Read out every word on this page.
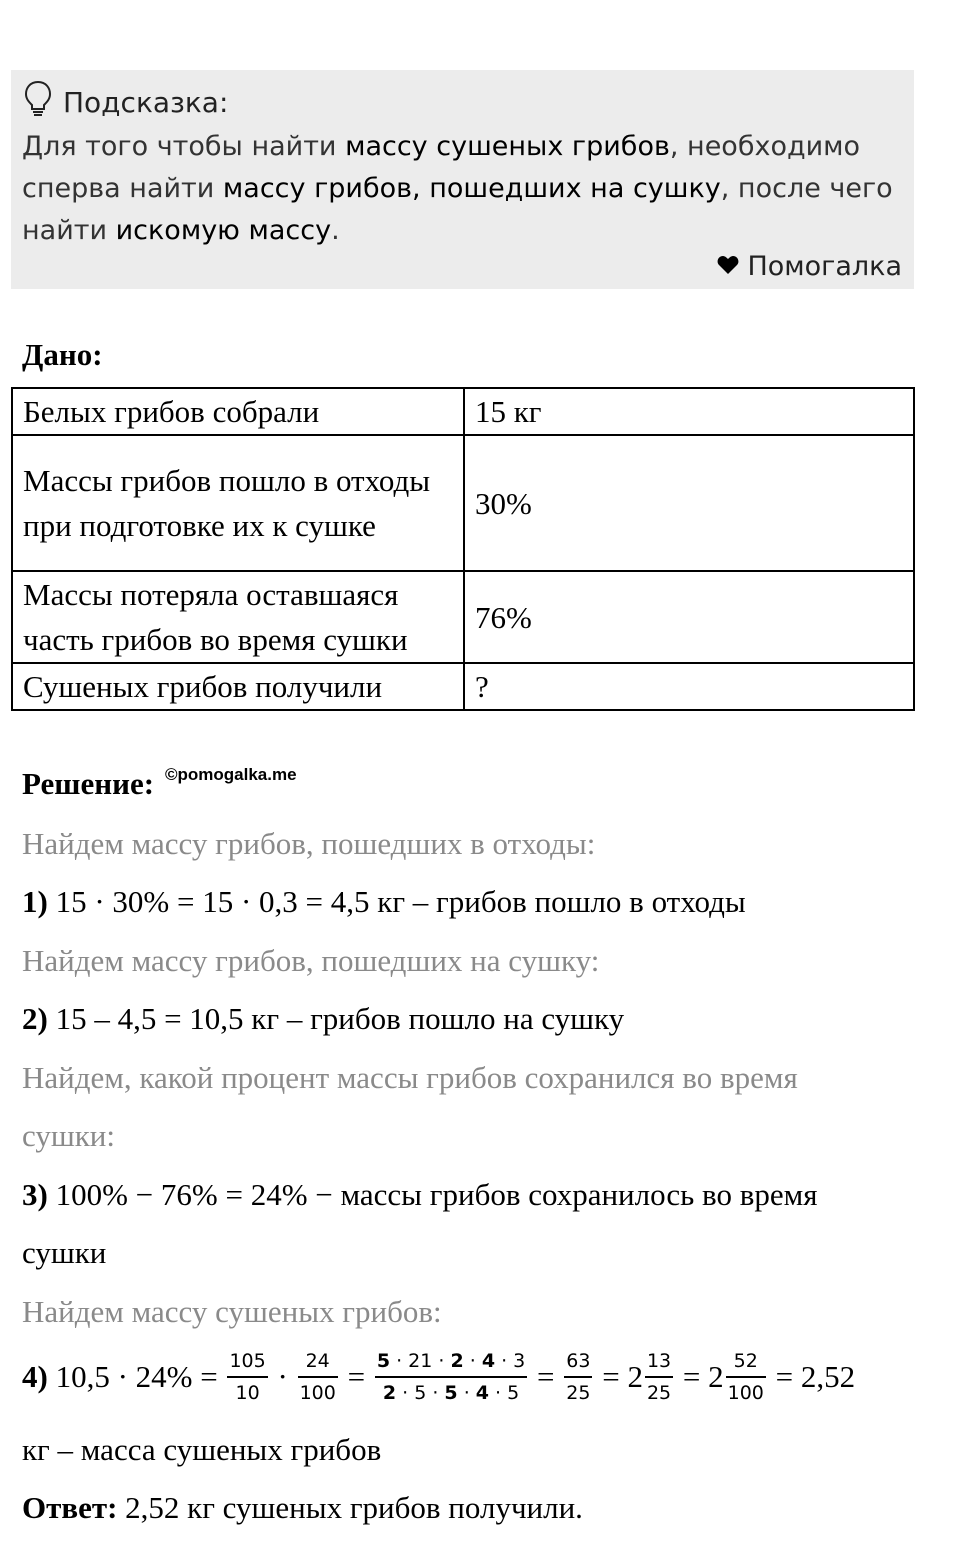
Подсказка:
Для того чтобы найти массу сушеных грибов, необходимо сперва найти массу грибов, пошедших на сушку, после чего найти искомую массу.
Помогалка
Дано:
Белых грибов собрали	15 кг
Массы грибов пошло в отходы при подготовке их к сушке	30%
Массы потеряла оставшаяся часть грибов во время сушки	76%
Сушеных грибов получили	?
Решение: ©pomogalka.me
Найдем массу грибов, пошедших в отходы:
1) 15 · 30% = 15 · 0,3 = 4,5 кг – грибов пошло в отходы
Найдем массу грибов, пошедших на сушку:
2) 15 – 4,5 = 10,5 кг – грибов пошло на сушку
Найдем, какой процент массы грибов сохранился во время
сушки:
3) 100% − 76% = 24% − массы грибов сохранилось во время
сушки
Найдем массу сушеных грибов:
4) $10,5 \cdot 24\% = \frac{105}{10} \cdot \frac{24}{100} = \frac{5 \cdot 21 \cdot 2 \cdot 4 \cdot 3}{2 \cdot 5 \cdot 5 \cdot 4 \cdot 5} = \frac{63}{25} = 2 \frac{13}{25} = 2 \frac{52}{100} = 2,52$
кг – масса сушеных грибов
Ответ: 2,52 кг сушеных грибов получили.
